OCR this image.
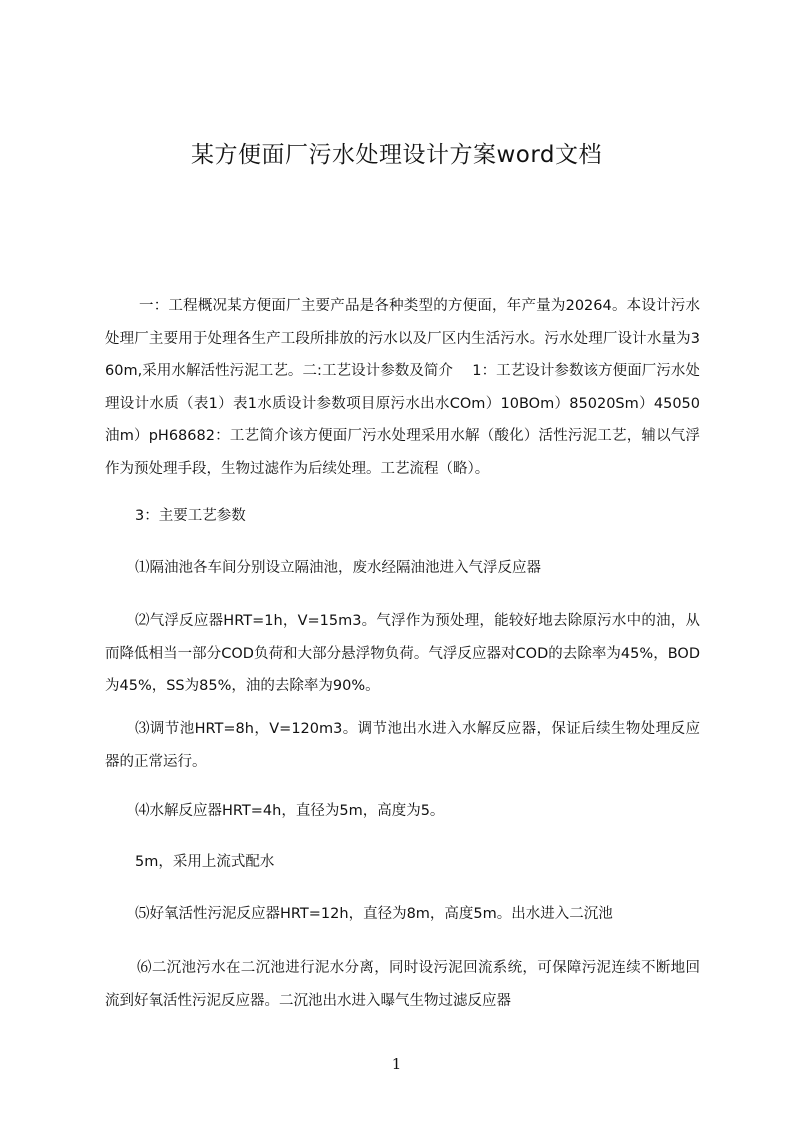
某方便面厂污水处理设计方案word文档

一：工程概况某方便面厂主要产品是各种类型的方便面，年产量为20264。本设计污水处理厂主要用于处理各生产工段所排放的污水以及厂区内生活污水。污水处理厂设计水量为360m,采用水解活性污泥工艺。二:工艺设计参数及简介　 1：工艺设计参数该方便面厂污水处理设计水质（表1）表1水质设计参数项目原污水出水COm）10BOm）85020Sm）45050油m）pH68682：工艺简介该方便面厂污水处理采用水解（酸化）活性污泥工艺，辅以气浮作为预处理手段，生物过滤作为后续处理。工艺流程（略）。

3：主要工艺参数

⑴隔油池各车间分别设立隔油池，废水经隔油池进入气浮反应器

⑵气浮反应器HRT=1h，V=15m3。气浮作为预处理，能较好地去除原污水中的油，从而降低相当一部分COD负荷和大部分悬浮物负荷。气浮反应器对COD的去除率为45%，BOD为45%，SS为85%，油的去除率为90%。

⑶调节池HRT=8h，V=120m3。调节池出水进入水解反应器，保证后续生物处理反应器的正常运行。

⑷水解反应器HRT=4h，直径为5m，高度为5。

5m，采用上流式配水

⑸好氧活性污泥反应器HRT=12h，直径为8m，高度5m。出水进入二沉池

⑹二沉池污水在二沉池进行泥水分离，同时设污泥回流系统，可保障污泥连续不断地回流到好氧活性污泥反应器。二沉池出水进入曝气生物过滤反应器

1
